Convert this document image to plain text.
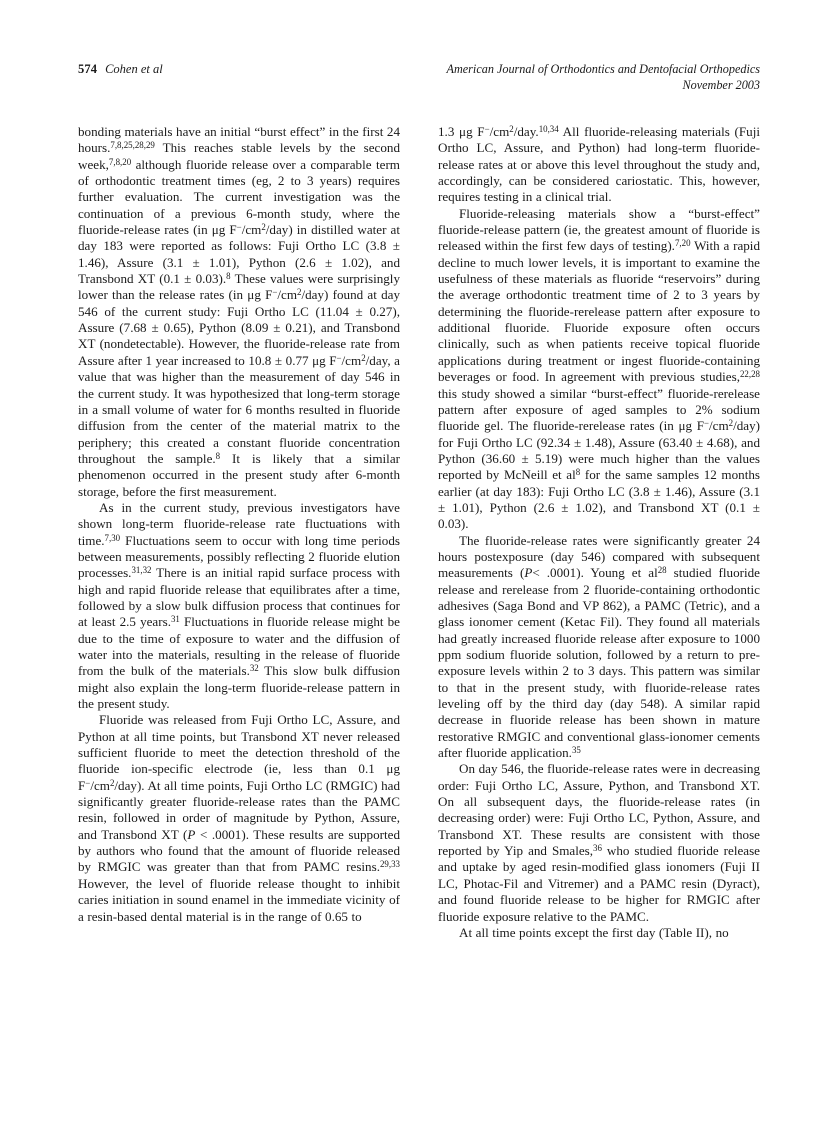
574 Cohen et al	American Journal of Orthodontics and Dentofacial Orthopedics
November 2003

bonding materials have an initial “burst effect” in the first 24 hours.$^{7,8,25,28,29}$ This reaches stable levels by the second week,$^{7,8,20}$ although fluoride release over a comparable term of orthodontic treatment times (eg, 2 to 3 years) requires further evaluation. The current investigation was the continuation of a previous 6-month study, where the fluoride-release rates (in μg $F^-/cm^2/day$) in distilled water at day 183 were reported as follows: Fuji Ortho LC (3.8 ± 1.46), Assure (3.1 ± 1.01), Python (2.6 ± 1.02), and Transbond XT (0.1 ± 0.03).$^8$ These values were surprisingly lower than the release rates (in μg $F^-/cm^2/day$) found at day 546 of the current study: Fuji Ortho LC (11.04 ± 0.27), Assure (7.68 ± 0.65), Python (8.09 ± 0.21), and Transbond XT (nondetectable). However, the fluoride-release rate from Assure after 1 year increased to 10.8 ± 0.77 μg $F^-/cm^2$/day, a value that was higher than the measurement of day 546 in the current study. It was hypothesized that long-term storage in a small volume of water for 6 months resulted in fluoride diffusion from the center of the material matrix to the periphery; this created a constant fluoride concentration throughout the sample.$^8$ It is likely that a similar phenomenon occurred in the present study after 6-month storage, before the first measurement.

As in the current study, previous investigators have shown long-term fluoride-release rate fluctuations with time.$^{7,30}$ Fluctuations seem to occur with long time periods between measurements, possibly reflecting 2 fluoride elution processes.$^{31,32}$ There is an initial rapid surface process with high and rapid fluoride release that equilibrates after a time, followed by a slow bulk diffusion process that continues for at least 2.5 years.$^{31}$ Fluctuations in fluoride release might be due to the time of exposure to water and the diffusion of water into the materials, resulting in the release of fluoride from the bulk of the materials.$^{32}$ This slow bulk diffusion might also explain the long-term fluoride-release pattern in the present study.

Fluoride was released from Fuji Ortho LC, Assure, and Python at all time points, but Transbond XT never released sufficient fluoride to meet the detection threshold of the fluoride ion-specific electrode (ie, less than 0.1 μg $F^-/cm^2/day$). At all time points, Fuji Ortho LC (RMGIC) had significantly greater fluoride-release rates than the PAMC resin, followed in order of magnitude by Python, Assure, and Transbond XT (P < .0001). These results are supported by authors who found that the amount of fluoride released by RMGIC was greater than that from PAMC resins.$^{29,33}$ However, the level of fluoride release thought to inhibit caries initiation in sound enamel in the immediate vicinity of a resin-based dental material is in the range of 0.65 to

1.3 μg $F^-/cm^2/day.^{10,34}$ All fluoride-releasing materials (Fuji Ortho LC, Assure, and Python) had long-term fluoride-release rates at or above this level throughout the study and, accordingly, can be considered cariostatic. This, however, requires testing in a clinical trial.

Fluoride-releasing materials show a “burst-effect” fluoride-release pattern (ie, the greatest amount of fluoride is released within the first few days of testing).$^{7,20}$ With a rapid decline to much lower levels, it is important to examine the usefulness of these materials as fluoride “reservoirs” during the average orthodontic treatment time of 2 to 3 years by determining the fluoride-rerelease pattern after exposure to additional fluoride. Fluoride exposure often occurs clinically, such as when patients receive topical fluoride applications during treatment or ingest fluoride-containing beverages or food. In agreement with previous studies,$^{22,28}$ this study showed a similar “burst-effect” fluoride-rerelease pattern after exposure of aged samples to 2% sodium fluoride gel. The fluoride-rerelease rates (in μg $F^-/cm^2/day$) for Fuji Ortho LC (92.34 ± 1.48), Assure (63.40 ± 4.68), and Python (36.60 ± 5.19) were much higher than the values reported by McNeill et $al^8$ for the same samples 12 months earlier (at day 183): Fuji Ortho LC (3.8 ± 1.46), Assure (3.1 ± 1.01), Python (2.6 ± 1.02), and Transbond XT (0.1 ± 0.03).

The fluoride-release rates were significantly greater 24 hours postexposure (day 546) compared with subsequent measurements (P< .0001). Young et $al^{28}$ studied fluoride release and rerelease from 2 fluoride-containing orthodontic adhesives (Saga Bond and VP 862), a PAMC (Tetric), and a glass ionomer cement (Ketac Fil). They found all materials had greatly increased fluoride release after exposure to 1000 ppm sodium fluoride solution, followed by a return to pre-exposure levels within 2 to 3 days. This pattern was similar to that in the present study, with fluoride-release rates leveling off by the third day (day 548). A similar rapid decrease in fluoride release has been shown in mature restorative RMGIC and conventional glass-ionomer cements after fluoride application.$^{35}$

On day 546, the fluoride-release rates were in decreasing order: Fuji Ortho LC, Assure, Python, and Transbond XT. On all subsequent days, the fluoride-release rates (in decreasing order) were: Fuji Ortho LC, Python, Assure, and Transbond XT. These results are consistent with those reported by Yip and Smales,$^{36}$ who studied fluoride release and uptake by aged resin-modified glass ionomers (Fuji II LC, Photac-Fil and Vitremer) and a PAMC resin (Dyract), and found fluoride release to be higher for RMGIC after fluoride exposure relative to the PAMC.

At all time points except the first day (Table II), no
